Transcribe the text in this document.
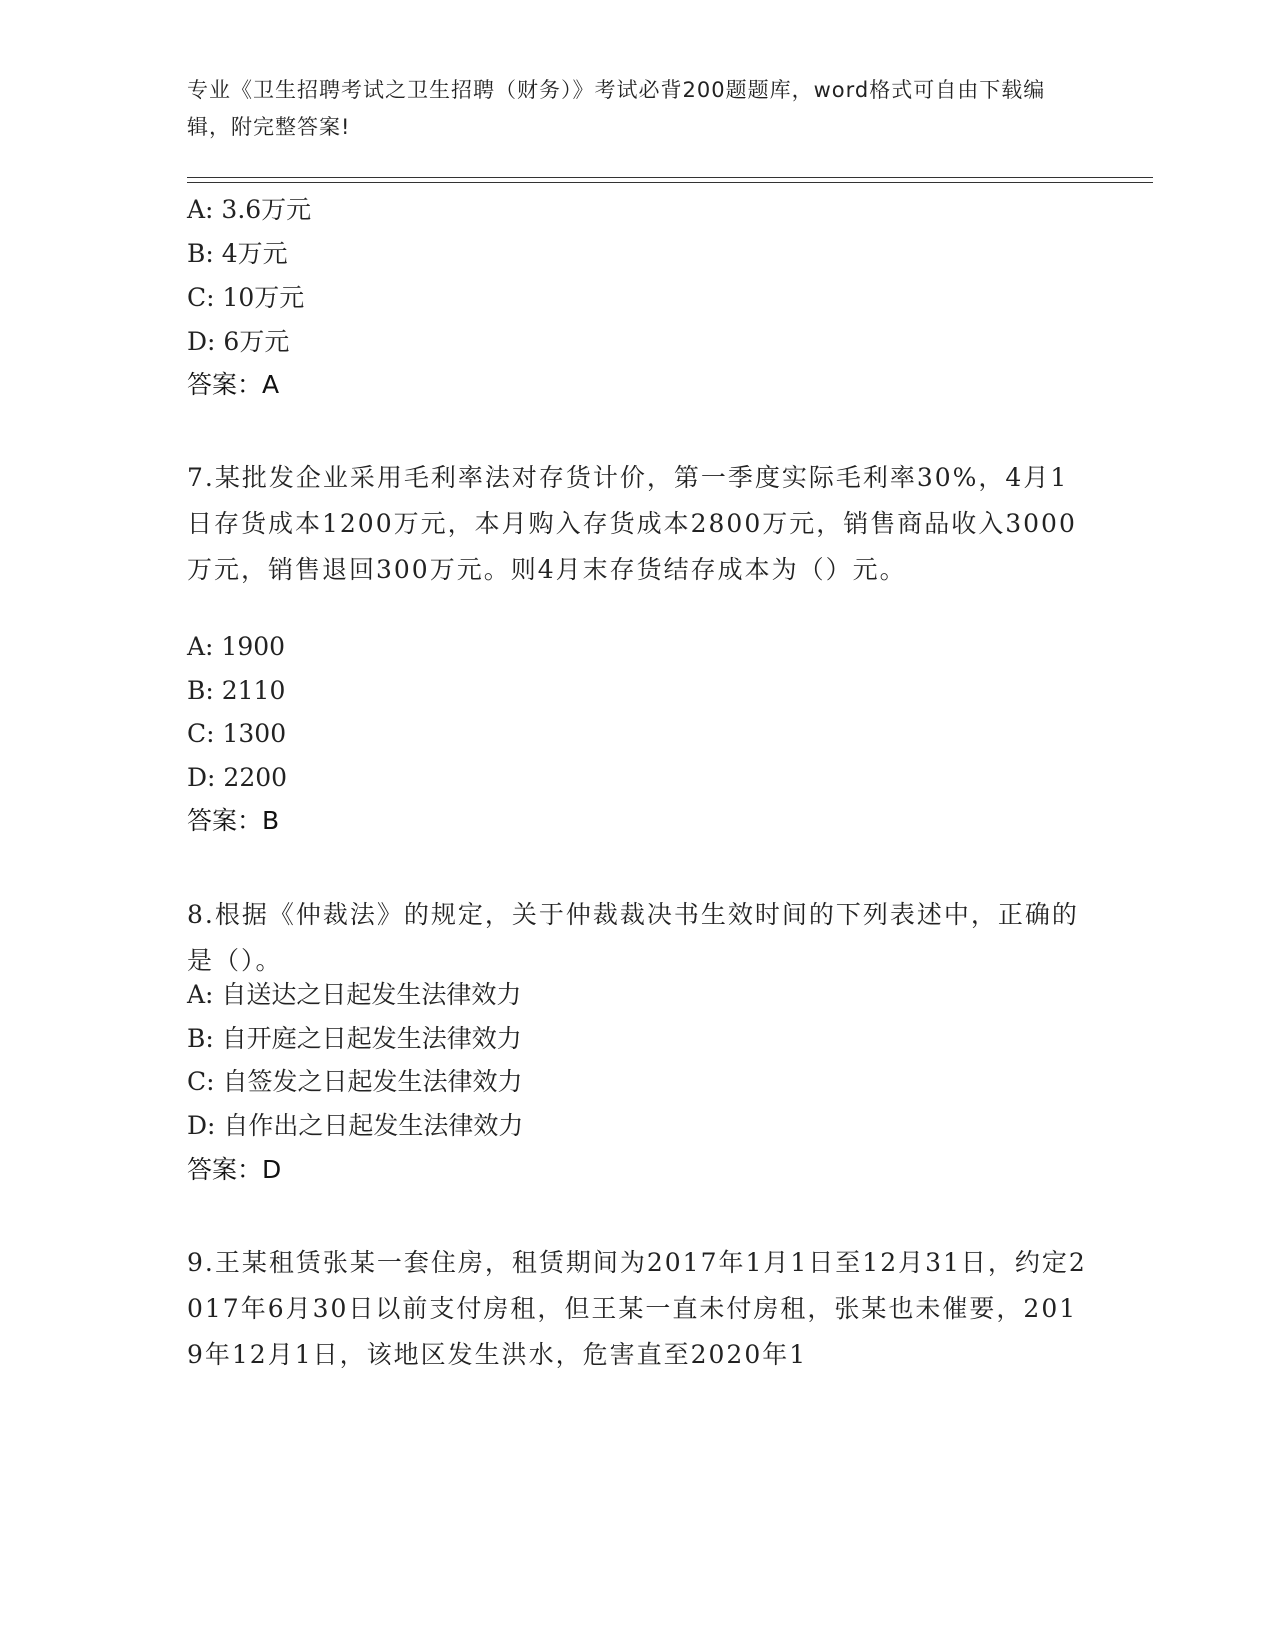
专业《卫生招聘考试之卫生招聘（财务）》考试必背200题题库，word格式可自由下载编辑，附完整答案!
A: 3.6万元
B: 4万元
C: 10万元
D: 6万元
答案：A
7.某批发企业采用毛利率法对存货计价，第一季度实际毛利率30%，4月1日存货成本1200万元，本月购入存货成本2800万元，销售商品收入3000万元，销售退回300万元。则4月末存货结存成本为（）元。
A: 1900
B: 2110
C: 1300
D: 2200
答案：B
8.根据《仲裁法》的规定，关于仲裁裁决书生效时间的下列表述中，正确的是（）。
A: 自送达之日起发生法律效力
B: 自开庭之日起发生法律效力
C: 自签发之日起发生法律效力
D: 自作出之日起发生法律效力
答案：D
9.王某租赁张某一套住房，租赁期间为2017年1月1日至12月31日，约定2017年6月30日以前支付房租，但王某一直未付房租，张某也未催要，2019年12月1日，该地区发生洪水，危害直至2020年1
